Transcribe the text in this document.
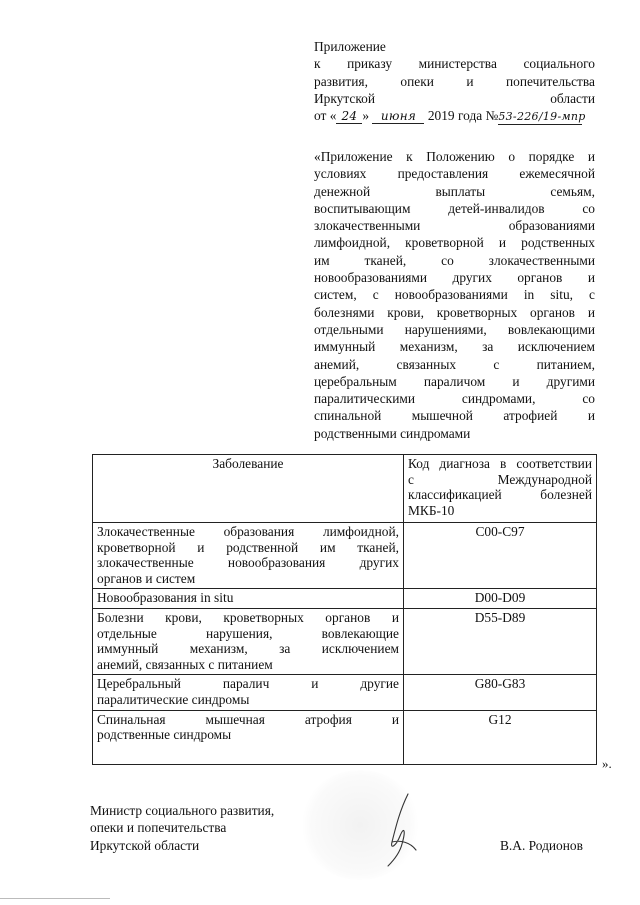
Приложение
к приказу министерства социального
развития, опеки и попечительства
Иркутской	области
от « 24 » июня 2019 года №53-226/19-мпр
«Приложение к Положению о порядке и
условиях предоставления ежемесячной
денежной выплаты семьям,
воспитывающим детей-инвалидов со
злокачественными образованиями
лимфоидной, кроветворной и родственных
им тканей, со злокачественными
новообразованиями других органов и
систем, с новообразованиями in situ, с
болезнями крови, кроветворных органов и
отдельными нарушениями, вовлекающими
иммунный механизм, за исключением
анемий, связанных с питанием,
церебральным параличом и другими
паралитическими синдромами, со
спинальной мышечной атрофией и
родственными синдромами
Заболевание	Код диагноза в соответствии
с Международной
классификацией болезней
МКБ-10

Злокачественные образования лимфоидной,
кроветворной и родственной им тканей,
злокачественные новообразования других
органов и систем	C00-C97

Новообразования in situ	D00-D09

Болезни крови, кроветворных органов и
отдельные нарушения, вовлекающие
иммунный механизм, за исключением
анемий, связанных с питанием	D55-D89

Церебральный паралич и другие
паралитические синдромы	G80-G83

Спинальная мышечная атрофия и
родственные синдромы	G12
».
Министр социального развития,
опеки и попечительства
Иркутской области	В.А. Родионов
